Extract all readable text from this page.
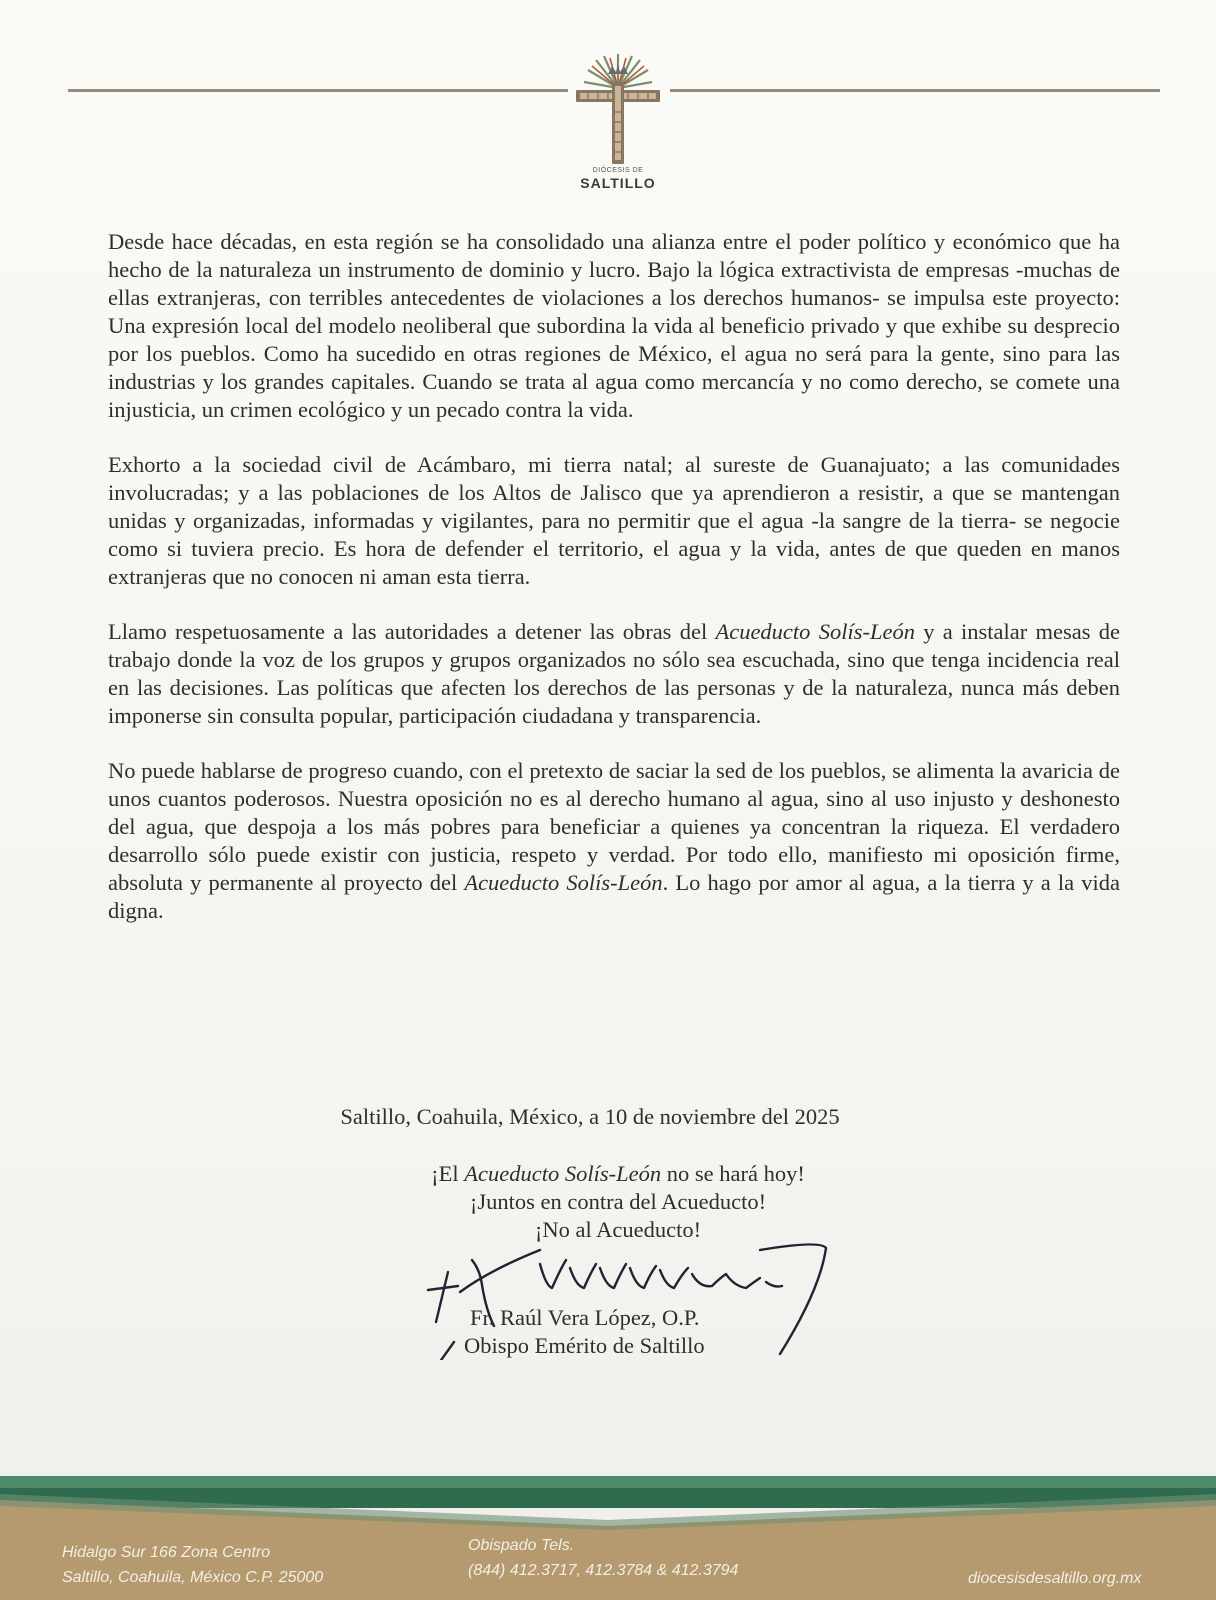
DIÓCESIS DE
SALTILLO

Desde hace décadas, en esta región se ha consolidado una alianza entre el poder político y económico que ha hecho de la naturaleza un instrumento de dominio y lucro. Bajo la lógica extractivista de empresas -muchas de ellas extranjeras, con terribles antecedentes de violaciones a los derechos humanos- se impulsa este proyecto: Una expresión local del modelo neoliberal que subordina la vida al beneficio privado y que exhibe su desprecio por los pueblos. Como ha sucedido en otras regiones de México, el agua no será para la gente, sino para las industrias y los grandes capitales. Cuando se trata al agua como mercancía y no como derecho, se comete una injusticia, un crimen ecológico y un pecado contra la vida.

Exhorto a la sociedad civil de Acámbaro, mi tierra natal; al sureste de Guanajuato; a las comunidades involucradas; y a las poblaciones de los Altos de Jalisco que ya aprendieron a resistir, a que se mantengan unidas y organizadas, informadas y vigilantes, para no permitir que el agua -la sangre de la tierra- se negocie como si tuviera precio. Es hora de defender el territorio, el agua y la vida, antes de que queden en manos extranjeras que no conocen ni aman esta tierra.

Llamo respetuosamente a las autoridades a detener las obras del Acueducto Solís-León y a instalar mesas de trabajo donde la voz de los grupos y grupos organizados no sólo sea escuchada, sino que tenga incidencia real en las decisiones. Las políticas que afecten los derechos de las personas y de la naturaleza, nunca más deben imponerse sin consulta popular, participación ciudadana y transparencia.

No puede hablarse de progreso cuando, con el pretexto de saciar la sed de los pueblos, se alimenta la avaricia de unos cuantos poderosos. Nuestra oposición no es al derecho humano al agua, sino al uso injusto y deshonesto del agua, que despoja a los más pobres para beneficiar a quienes ya concentran la riqueza. El verdadero desarrollo sólo puede existir con justicia, respeto y verdad. Por todo ello, manifiesto mi oposición firme, absoluta y permanente al proyecto del Acueducto Solís-León. Lo hago por amor al agua, a la tierra y a la vida digna.

Saltillo, Coahuila, México, a 10 de noviembre del 2025
¡El Acueducto Solís-León no se hará hoy!
¡Juntos en contra del Acueducto!
¡No al Acueducto!
Fr. Raúl Vera López, O.P.
Obispo Emérito de Saltillo
Hidalgo Sur 166 Zona Centro
Saltillo, Coahuila, México C.P. 25000
Obispado Tels.
(844) 412.3717, 412.3784 & 412.3794	diocesisdesaltillo.org.mx
